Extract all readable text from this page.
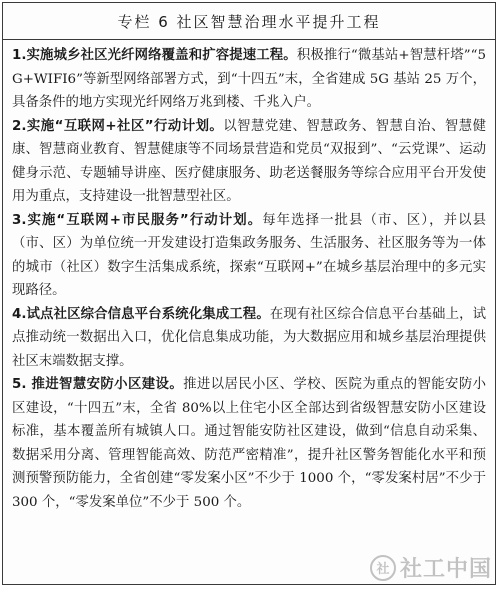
专栏 6 社区智慧治理水平提升工程

1.实施城乡社区光纤网络覆盖和扩容提速工程。积极推行“微基站+智慧杆塔”“5G+WIFI6”等新型网络部署方式，到“十四五”末，全省建成 5G 基站 25 万个，具备条件的地方实现光纤网络万兆到楼、千兆入户。

2.实施“互联网+社区”行动计划。以智慧党建、智慧政务、智慧自治、智慧健康、智慧商业教育、智慧健康等不同场景营造和党员“双报到”、“云党课”、运动健身示范、专题辅导讲座、医疗健康服务、助老送餐服务等综合应用平台开发使用为重点，支持建设一批智慧型社区。

3.实施“互联网+市民服务”行动计划。每年选择一批县（市、区），并以县（市、区）为单位统一开发建设打造集政务服务、生活服务、社区服务等为一体的城市（社区）数字生活集成系统，探索“互联网+”在城乡基层治理中的多元实现路径。

4.试点社区综合信息平台系统化集成工程。在现有社区综合信息平台基础上，试点推动统一数据出入口，优化信息集成功能，为大数据应用和城乡基层治理提供社区末端数据支撑。

5. 推进智慧安防小区建设。推进以居民小区、学校、医院为重点的智能安防小区建设，“十四五”末，全省 80%以上住宅小区全部达到省级智慧安防小区建设标准，基本覆盖所有城镇人口。通过智能安防社区建设，做到“信息自动采集、数据采用分离、管理智能高效、防范严密精准”，提升社区警务智能化水平和预测预警预防能力，全省创建“零发案小区”不少于 1000 个，“零发案村居”不少于 300 个，“零发案单位”不少于 500 个。

社 社工中国
